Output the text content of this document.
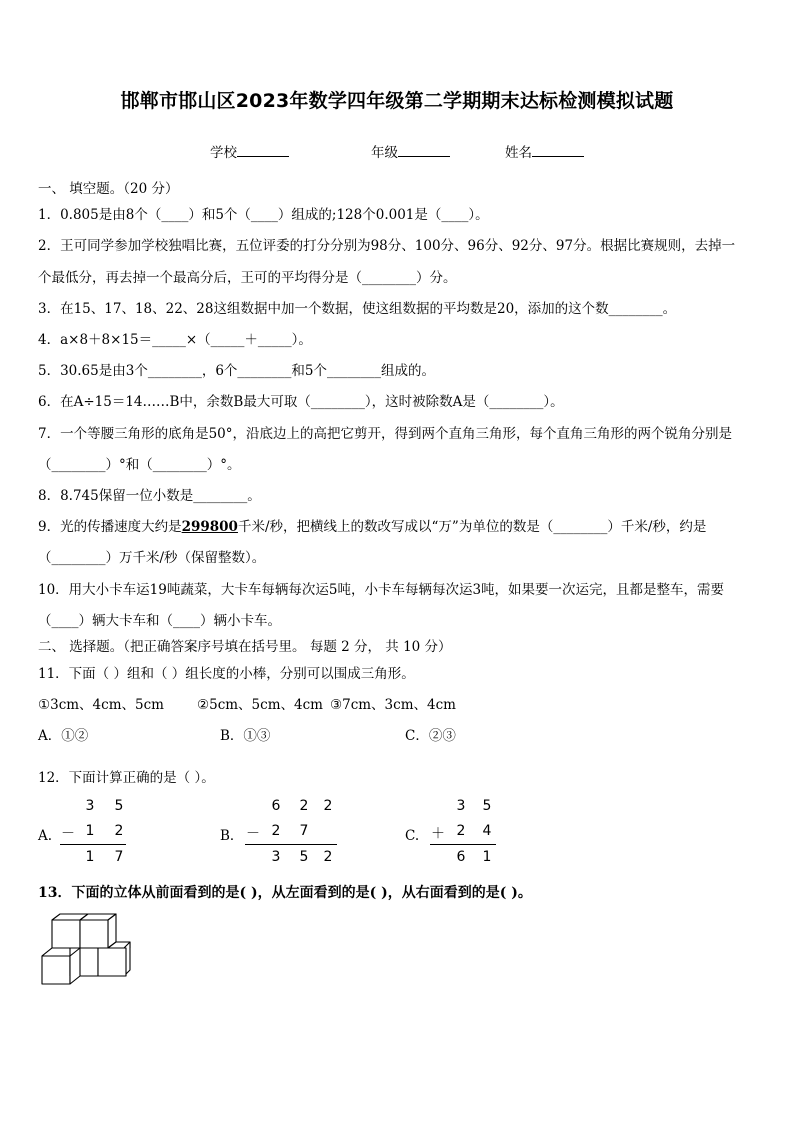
邯郸市邯山区2023年数学四年级第二学期期末达标检测模拟试题
学校	年级	姓名
一、 填空题。（20 分）
1．0.805是由8个（____）和5个（____）组成的;128个0.001是（____）。
2．王可同学参加学校独唱比赛，五位评委的打分分别为98分、100分、96分、92分、97分。根据比赛规则，去掉一
个最低分，再去掉一个最高分后，王可的平均得分是（________）分。
3．在15、17、18、22、28这组数据中加一个数据，使这组数据的平均数是20，添加的这个数________。
4．a×8＋8×15＝_____×（_____＋_____）。
5．30.65是由3个________，6个________和5个________组成的。
6．在A÷15＝14……B中，余数B最大可取（________），这时被除数A是（________）。
7．一个等腰三角形的底角是50°，沿底边上的高把它剪开，得到两个直角三角形，每个直角三角形的两个锐角分别是
（________）°和（________）°。
8．8.745保留一位小数是________。
9．光的传播速度大约是299800千米/秒，把横线上的数改写成以“万”为单位的数是（________）千米/秒，约是
（________）万千米/秒（保留整数）。
10．用大小卡车运19吨蔬菜，大卡车每辆每次运5吨，小卡车每辆每次运3吨，如果要一次运完，且都是整车，需要
（____）辆大卡车和（____）辆小卡车。
二、 选择题。（把正确答案序号填在括号里。 每题 2 分， 共 10 分）
11．下面（ ）组和（ ）组长度的小棒，分别可以围成三角形。
①3cm、4cm、5cm ②5cm、5cm、4cm ③7cm、3cm、4cm
A．①②	B．①③	C．②③
12．下面计算正确的是（ ）。
A.
3 5
－ 1 2
1 7
B．
6 2 2
－ 2 7
3 5 2
C.
3 5
＋ 2 4
6 1
13．下面的立体从前面看到的是( )，从左面看到的是( )，从右面看到的是( )。
